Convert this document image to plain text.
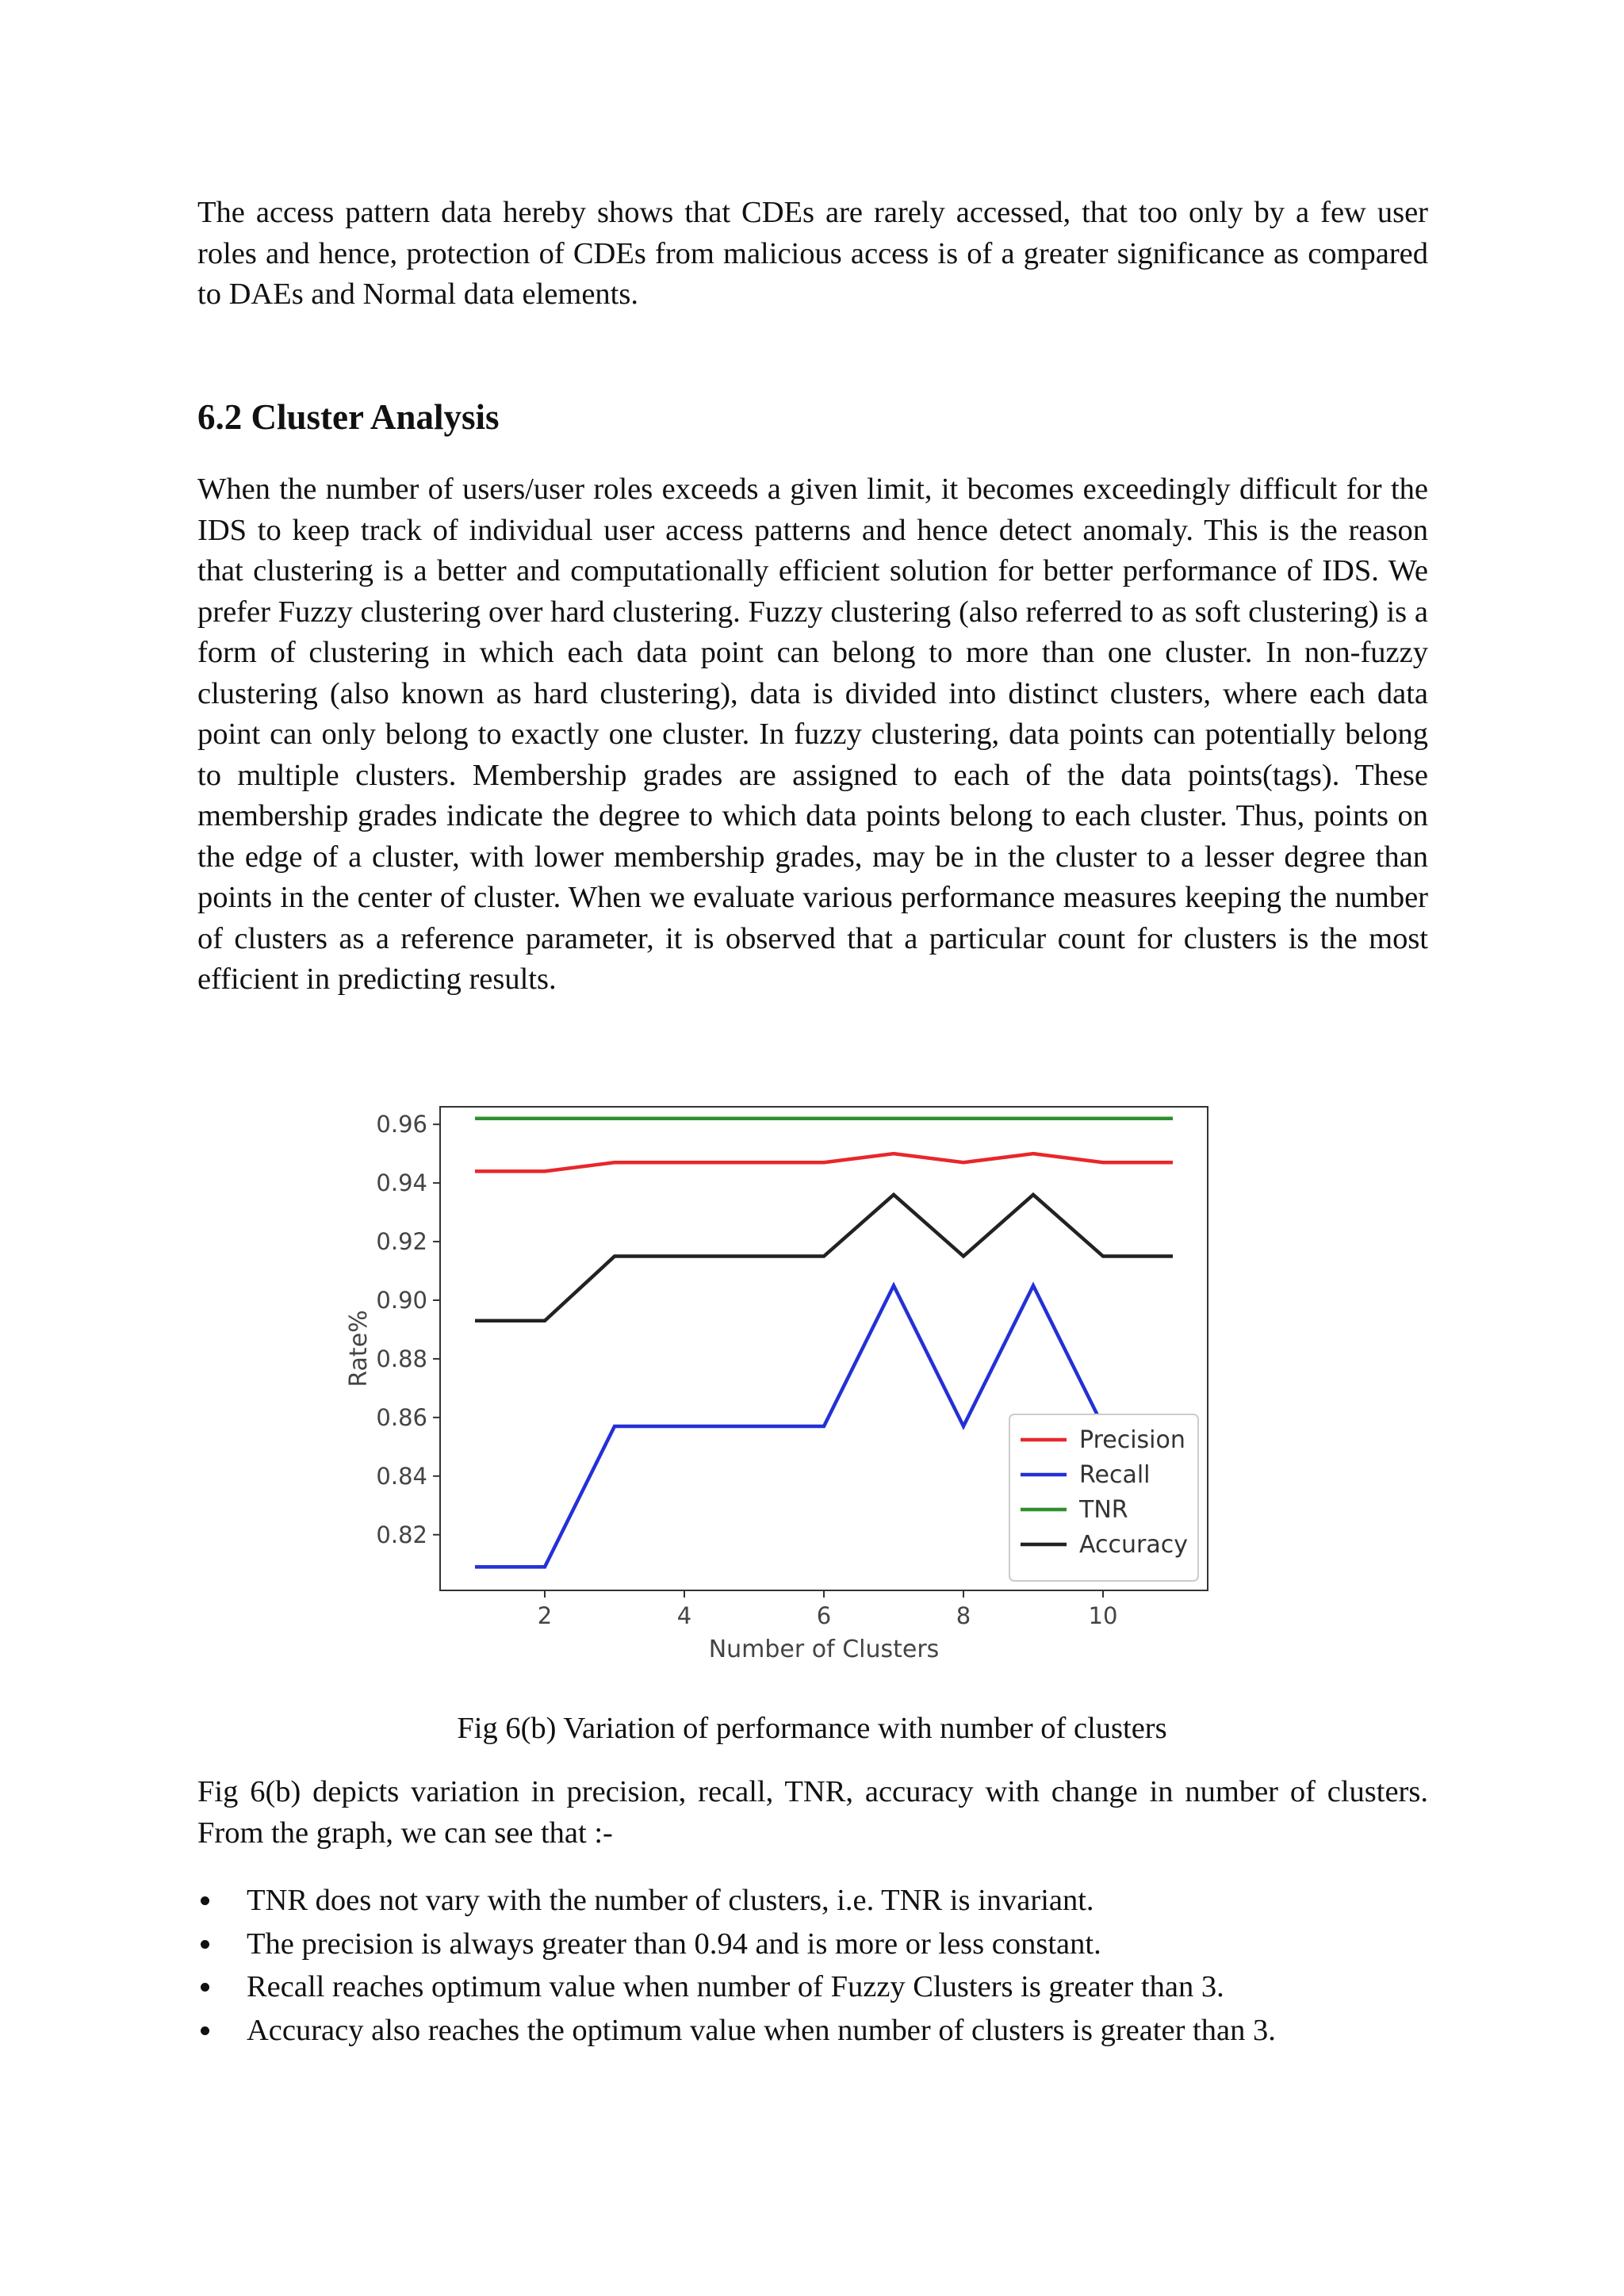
The access pattern data hereby shows that CDEs are rarely accessed, that too only by a few user roles and hence, protection of CDEs from malicious access is of a greater significance as compared to DAEs and Normal data elements.

6.2 Cluster Analysis

When the number of users/user roles exceeds a given limit, it becomes exceedingly difficult for the IDS to keep track of individual user access patterns and hence detect anomaly. This is the reason that clustering is a better and computationally efficient solution for better performance of IDS. We prefer Fuzzy clustering over hard clustering. Fuzzy clustering (also referred to as soft clustering) is a form of clustering in which each data point can belong to more than one cluster. In non-fuzzy clustering (also known as hard clustering), data is divided into distinct clusters, where each data point can only belong to exactly one cluster. In fuzzy clustering, data points can potentially belong to multiple clusters. Membership grades are assigned to each of the data points(tags). These membership grades indicate the degree to which data points belong to each cluster. Thus, points on the edge of a cluster, with lower membership grades, may be in the cluster to a lesser degree than points in the center of cluster. When we evaluate various performance measures keeping the number of clusters as a reference parameter, it is observed that a particular count for clusters is the most efficient in predicting results.

0.82
0.84
0.86
0.88
0.90
0.92
0.94
0.96
2	4	6	8	10
Number of Clusters
Rate%
Precision
Recall
TNR
Accuracy

Fig 6(b) Variation of performance with number of clusters

Fig 6(b) depicts variation in precision, recall, TNR, accuracy with change in number of clusters. From the graph, we can see that :-

TNR does not vary with the number of clusters, i.e. TNR is invariant.
The precision is always greater than 0.94 and is more or less constant.
Recall reaches optimum value when number of Fuzzy Clusters is greater than 3.
Accuracy also reaches the optimum value when number of clusters is greater than 3.
